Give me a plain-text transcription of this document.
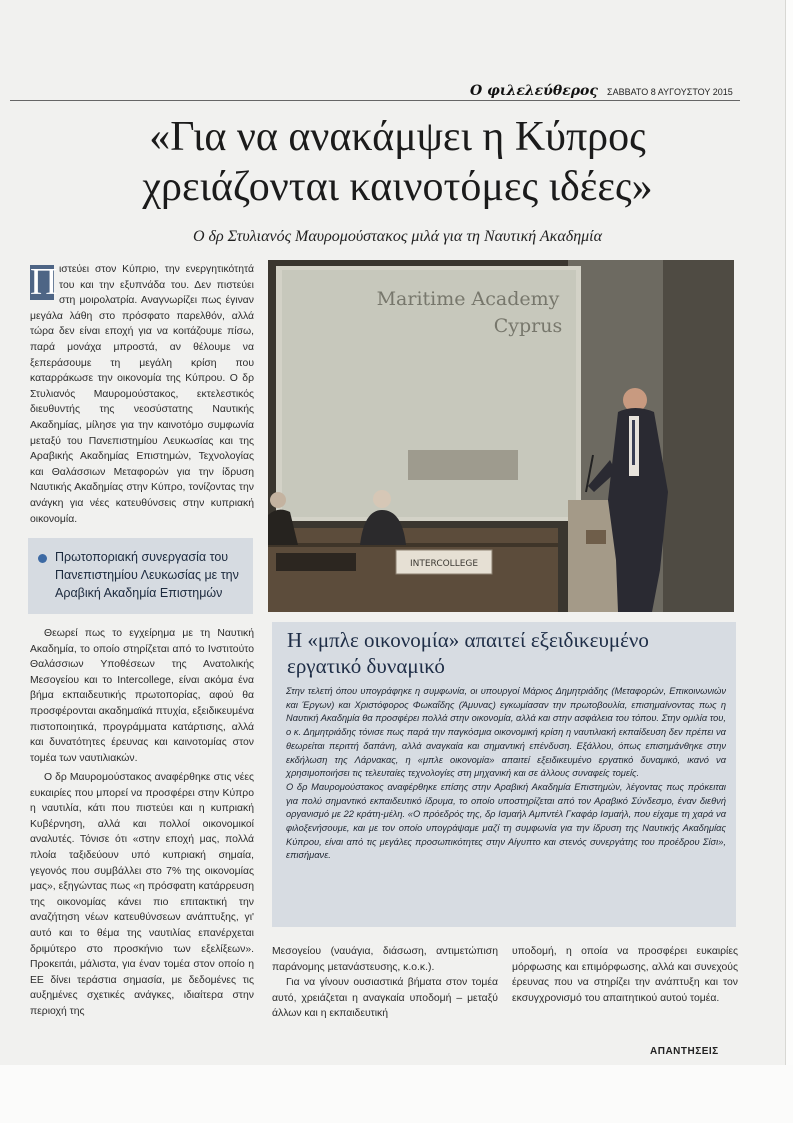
Ο φιλελεύθερος ΣΑΒΒΑΤΟ 8 ΑΥΓΟΥΣΤΟΥ 2015
«Για να ανακάμψει η Κύπρος
χρειάζονται καινοτόμες ιδέες»
Ο δρ Στυλιανός Μαυρομούστακος μιλά για τη Ναυτική Ακαδημία

Π ιστεύει στον Κύπριο, την ενεργητικότητά του και την εξυπνάδα του. Δεν πιστεύει στη μοιρολατρία. Αναγνωρίζει πως έγιναν μεγάλα λάθη στο πρόσφατο παρελθόν, αλλά τώρα δεν είναι εποχή για να κοιτάζουμε πίσω, παρά μονάχα μπροστά, αν θέλουμε να ξεπεράσουμε τη μεγάλη κρίση που καταρράκωσε την οικονομία της Κύπρου. Ο δρ Στυλιανός Μαυρομούστακος, εκτελεστικός διευθυντής της νεοσύστατης Ναυτικής Ακαδημίας, μίλησε για την καινοτόμο συμφωνία μεταξύ του Πανεπιστημίου Λευκωσίας και της Αραβικής Ακαδημίας Επιστημών, Τεχνολογίας και Θαλάσσιων Μεταφορών για την ίδρυση Ναυτικής Ακαδημίας στην Κύπρο, τονίζοντας την ανάγκη για νέες κατευθύνσεις στην κυπριακή οικονομία.

Πρωτοποριακή συνεργασία του Πανεπιστημίου Λευκωσίας με την Αραβική Ακαδημία Επιστημών

Θεωρεί πως το εγχείρημα με τη Ναυτική Ακαδημία, το οποίο στηρίζεται από το Ινστιτούτο Θαλάσσιων Υποθέσεων της Ανατολικής Μεσογείου και το Intercollege, είναι ακόμα ένα βήμα εκπαιδευτικής πρωτοπορίας, αφού θα προσφέρονται ακαδημαϊκά πτυχία, εξειδικευμένα πιστοποιητικά, προγράμματα κατάρτισης, αλλά και δυνατότητες έρευνας και καινοτομίας στον τομέα των ναυτιλιακών.

Ο δρ Μαυρομούστακος αναφέρθηκε στις νέες ευκαιρίες που μπορεί να προσφέρει στην Κύπρο η ναυτιλία, κάτι που πιστεύει και η κυπριακή Κυβέρνηση, αλλά και πολλοί οικονομικοί αναλυτές. Τόνισε ότι «στην εποχή μας, πολλά πλοία ταξιδεύουν υπό κυπριακή σημαία, γεγονός που συμβάλλει στο 7% της οικονομίας μας», εξηγώντας πως «η πρόσφατη κατάρρευση της οικονομίας κάνει πιο επιτακτική την αναζήτηση νέων κατευθύνσεων ανάπτυξης, γι' αυτό και το θέμα της ναυτιλίας επανέρχεται δριμύτερο στο προσκήνιο των εξελίξεων». Προκειτάι, μάλιστα, για έναν τομέα στον οποίο η ΕΕ δίνει τεράστια σημασία, με δεδομένες τις αυξημένες σχετικές ανάγκες, ιδιαίτερα στην περιοχή της

Maritime Academy
Cyprus
INTERCOLLEGE
Η «μπλε οικονομία» απαιτεί εξειδικευμένο εργατικό δυναμικό
Στην τελετή όπου υπογράφηκε η συμφωνία, οι υπουργοί Μάριος Δημητριάδης (Μεταφορών, Επικοινωνιών και Έργων) και Χριστόφορος Φωκαΐδης (Άμυνας) εγκωμίασαν την πρωτοβουλία, επισημαίνοντας πως η Ναυτική Ακαδημία θα προσφέρει πολλά στην οικονομία, αλλά και στην ασφάλεια του τόπου. Στην ομιλία του, ο κ. Δημητριάδης τόνισε πως παρά την παγκόσμια οικονομική κρίση η ναυτιλιακή εκπαίδευση δεν πρέπει να θεωρείται περιττή δαπάνη, αλλά αναγκαία και σημαντική επένδυση. Εξάλλου, όπως επισημάνθηκε στην εκδήλωση της Λάρνακας, η «μπλε οικονομία» απαιτεί εξειδικευμένο εργατικό δυναμικό, ικανό να χρησιμοποιήσει τις τελευταίες τεχνολογίες στη μηχανική και σε άλλους συναφείς τομείς.
Ο δρ Μαυρομούστακος αναφέρθηκε επίσης στην Αραβική Ακαδημία Επιστημών, λέγοντας πως πρόκειται για πολύ σημαντικό εκπαιδευτικό ίδρυμα, το οποίο υποστηρίζεται από τον Αραβικό Σύνδεσμο, έναν διεθνή οργανισμό με 22 κράτη-μέλη. «Ο πρόεδρός της, δρ Ισμαήλ Αμπντέλ Γκαφάρ Ισμαήλ, που είχαμε τη χαρά να φιλοξενήσουμε, και με τον οποίο υπογράψαμε μαζί τη συμφωνία για την ίδρυση της Ναυτικής Ακαδημίας Κύπρου, είναι από τις μεγάλες προσωπικότητες στην Αίγυπτο και στενός συνεργάτης του προέδρου Σίσι», επισήμανε.

Μεσογείου (ναυάγια, διάσωση, αντιμετώπιση παράνομης μετανάστευσης, κ.ο.κ.).

Για να γίνουν ουσιαστικά βήματα στον τομέα αυτό, χρειάζεται η αναγκαία υποδομή – μεταξύ άλλων και η εκπαιδευτική

υποδομή, η οποία να προσφέρει ευκαιρίες μόρφωσης και επιμόρφωσης, αλλά και συνεχούς έρευνας που να στηρίζει την ανάπτυξη και τον εκσυγχρονισμό του απαιτητικού αυτού τομέα.

ΑΠΑΝΤΗΣΕΙΣ
